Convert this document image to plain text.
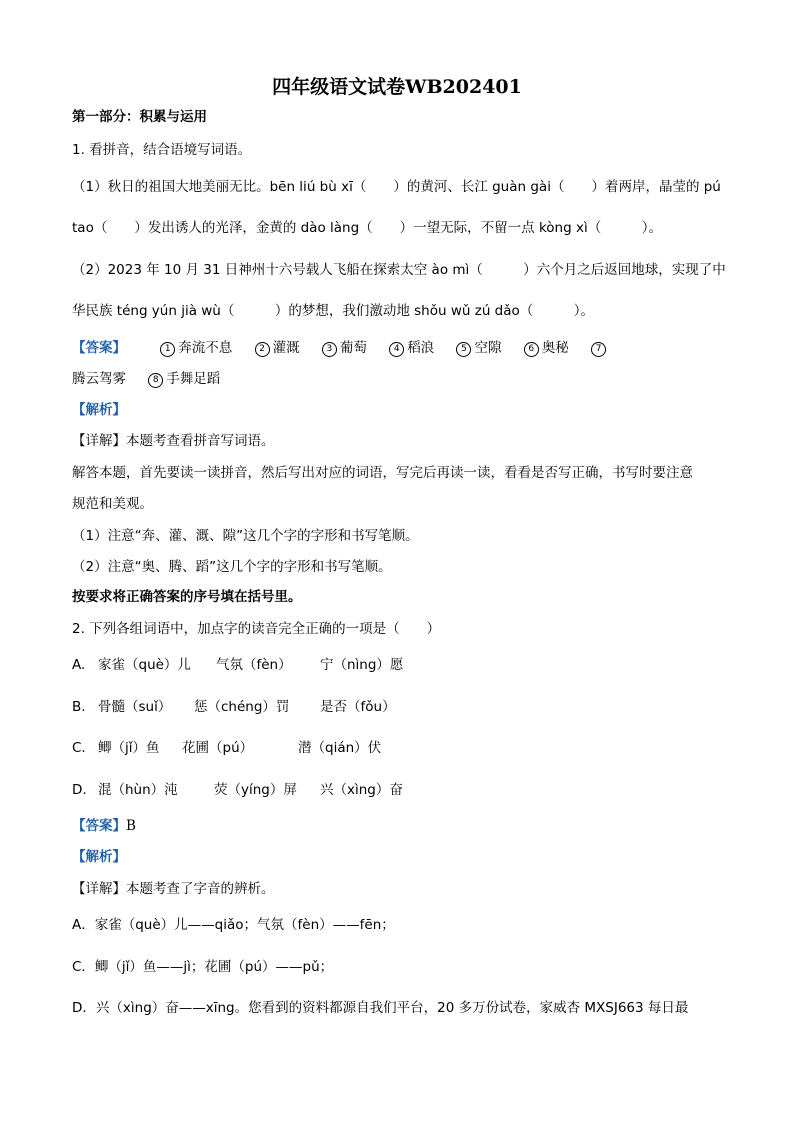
四年级语文试卷WB202401
第一部分：积累与运用
1. 看拼音，结合语境写词语。
（1）秋日的祖国大地美丽无比。bēn liú bù xī（　　）的黄河、长江 guàn gài（　　）着两岸，晶莹的 pú
tao（　　）发出诱人的光泽，金黄的 dào làng（　　）一望无际，不留一点 kòng xì（　　　）。
（2）2023 年 10 月 31 日神州十六号载人飞船在探索太空 ào mì（　　　）六个月之后返回地球，实现了中
华民族 téng yún jià wù（　　　）的梦想，我们激动地 shǒu wǔ zú dǎo（　　　）。
【答案】	1 奔流不息	2 灌溉	3 葡萄	4 稻浪	5 空隙	6 奥秘	7
腾云驾雾	8 手舞足蹈
【解析】
【详解】本题考查看拼音写词语。
解答本题，首先要读一读拼音，然后写出对应的词语，写完后再读一读，看看是否写正确，书写时要注意
规范和美观。
（1）注意“奔、灌、溉、隙”这几个字的字形和书写笔顺。
（2）注意“奥、腾、蹈”这几个字的字形和书写笔顺。
按要求将正确答案的序号填在括号里。
2. 下列各组词语中，加点字的读音完全正确的一项是（　　）
A. 家雀（què）儿 气氛（fèn） 宁（nìng）愿
B. 骨髓（suǐ） 惩（chéng）罚 是否（fǒu）
C. 鲫（jǐ）鱼 花圃（pú）	潜（qián）伏
D. 混（hùn）沌	荧（yíng）屏 兴（xìng）奋
【答案】B
【解析】
【详解】本题考查了字音的辨析。
A．家雀（què）儿——qiǎo；气氛（fèn）——fēn；
C．鲫（jǐ）鱼——jì；花圃（pú）——pǔ；
D．兴（xìng）奋——xīng。您看到的资料都源自我们平台，20 多万份试卷，家威杏 MXSJ663 每日最
